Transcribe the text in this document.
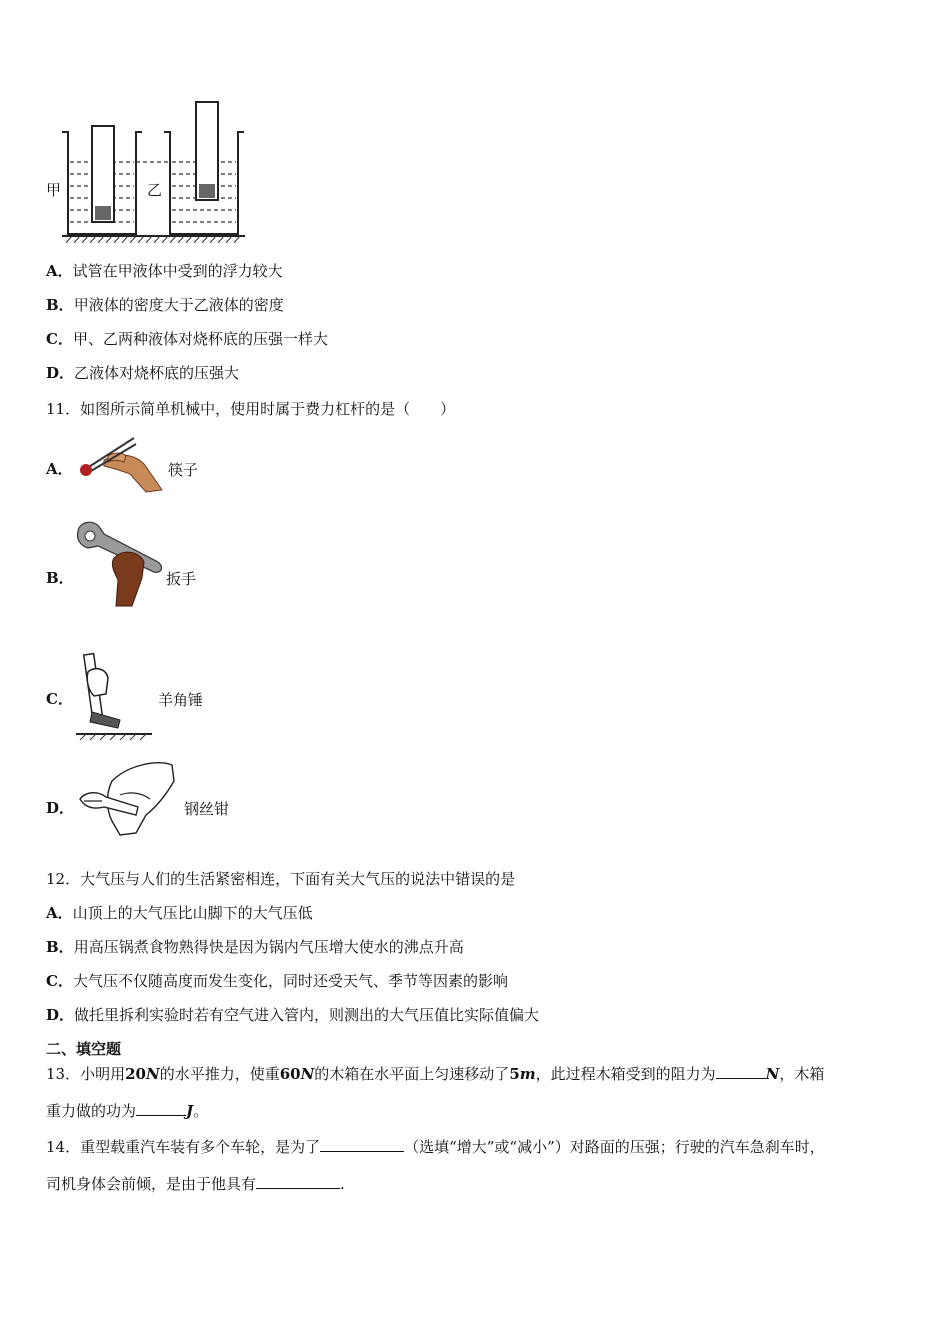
甲	乙
A．试管在甲液体中受到的浮力较大
B．甲液体的密度大于乙液体的密度
C．甲、乙两种液体对烧杯底的压强一样大
D．乙液体对烧杯底的压强大
11．如图所示简单机械中，使用时属于费力杠杆的是（　　）
A．	筷子
B．	扳手
C．	羊角锤
D．	钢丝钳
12．大气压与人们的生活紧密相连，下面有关大气压的说法中错误的是
A．山顶上的大气压比山脚下的大气压低
B．用高压锅煮食物熟得快是因为锅内气压增大使水的沸点升高
C．大气压不仅随高度而发生变化，同时还受天气、季节等因素的影响
D．做托里拆利实验时若有空气进入管内，则测出的大气压值比实际值偏大
二、填空题
13．小明用20N的水平推力，使重60N的木箱在水平面上匀速移动了5m，此过程木箱受到的阻力为	N，木箱
重力做的功为	J。
14．重型载重汽车装有多个车轮，是为了	（选填“增大”或“减小”）对路面的压强；行驶的汽车急刹车时，
司机身体会前倾，是由于他具有	.
